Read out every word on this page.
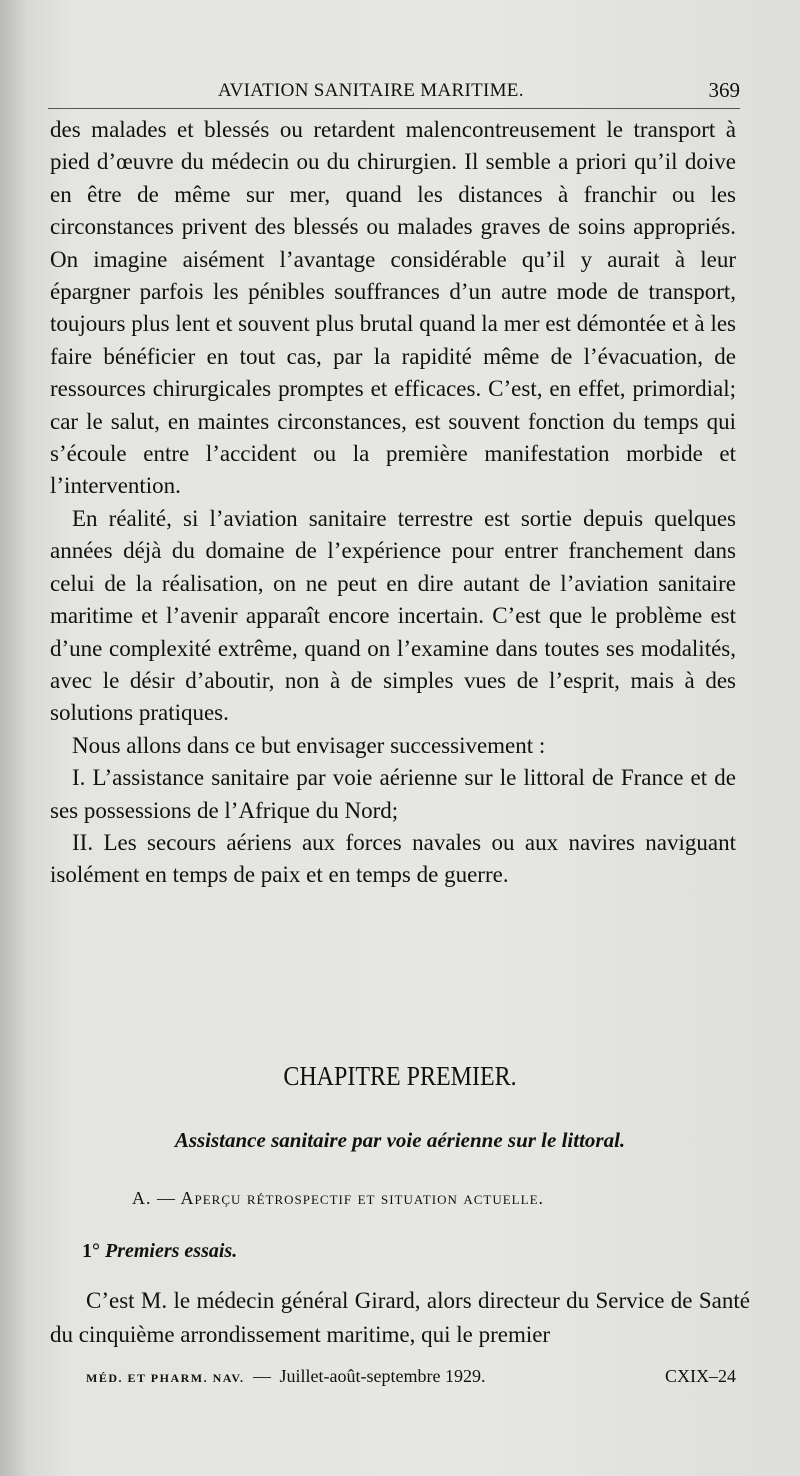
AVIATION SANITAIRE MARITIME.	369

des malades et blessés ou retardent malencontreusement le transport à pied d’œuvre du médecin ou du chirurgien. Il semble a priori qu’il doive en être de même sur mer, quand les distances à franchir ou les circonstances privent des blessés ou malades graves de soins appropriés. On imagine aisément l’avantage considérable qu’il y aurait à leur épargner parfois les pénibles souffrances d’un autre mode de transport, toujours plus lent et souvent plus brutal quand la mer est démontée et à les faire bénéficier en tout cas, par la rapidité même de l’évacuation, de ressources chirurgicales promptes et efficaces. C’est, en effet, primordial; car le salut, en maintes circonstances, est souvent fonction du temps qui s’écoule entre l’accident ou la première manifestation morbide et l’intervention.

En réalité, si l’aviation sanitaire terrestre est sortie depuis quelques années déjà du domaine de l’expérience pour entrer franchement dans celui de la réalisation, on ne peut en dire autant de l’aviation sanitaire maritime et l’avenir apparaît encore incertain. C’est que le problème est d’une complexité extrême, quand on l’examine dans toutes ses modalités, avec le désir d’aboutir, non à de simples vues de l’esprit, mais à des solutions pratiques.

Nous allons dans ce but envisager successivement :

I. L’assistance sanitaire par voie aérienne sur le littoral de France et de ses possessions de l’Afrique du Nord;

II. Les secours aériens aux forces navales ou aux navires naviguant isolément en temps de paix et en temps de guerre.

CHAPITRE PREMIER.
Assistance sanitaire par voie aérienne sur le littoral.
A. — Aperçu rétrospectif et situation actuelle.
1° Premiers essais.

C’est M. le médecin général Girard, alors directeur du Service de Santé du cinquième arrondissement maritime, qui le premier

MÉD. ET PHARM. NAV. — Juillet-août-septembre 1929.	CXIX–24
